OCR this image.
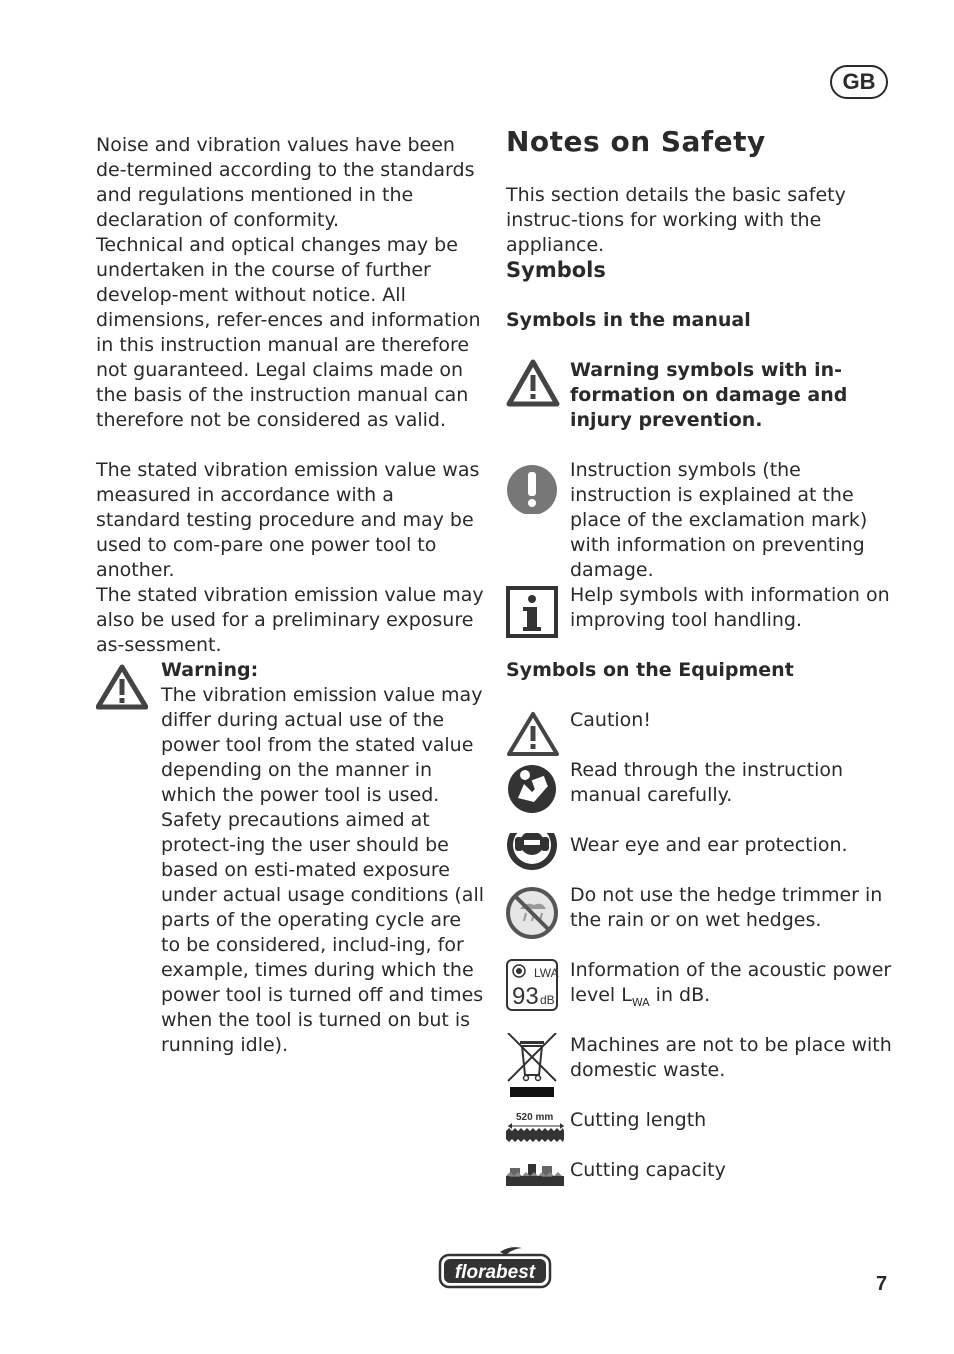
GB

Noise and vibration values have been de-termined according to the standards and regulations mentioned in the declaration of conformity.

Technical and optical changes may be undertaken in the course of further develop-ment without notice. All dimensions, refer-ences and information in this instruction manual are therefore not guaranteed. Legal claims made on the basis of the instruction manual can therefore not be considered as valid.

The stated vibration emission value was measured in accordance with a standard testing procedure and may be used to com-pare one power tool to another.

The stated vibration emission value may also be used for a preliminary exposure as-sessment.

Warning:

The vibration emission value may differ during actual use of the power tool from the stated value depending on the manner in which the power tool is used.

Safety precautions aimed at protect-ing the user should be based on esti-mated exposure under actual usage conditions (all parts of the operating cycle are to be considered, includ-ing, for example, times during which the power tool is turned off and times when the tool is turned on but is running idle).

Notes on Safety

This section details the basic safety instruc-tions for working with the appliance.

Symbols
Symbols in the manual

Warning symbols with in-formation on damage and injury prevention.

Instruction symbols (the instruction is explained at the place of the exclamation mark) with information on preventing damage.

Help symbols with information on improving tool handling.

Symbols on the Equipment

Caution!

Read through the instruction manual carefully.

Wear eye and ear protection.

Do not use the hedge trimmer in the rain or on wet hedges.

LWA
93 dB

Information of the acoustic power level $L_{WA}$ in dB.

Machines are not to be place with domestic waste.

520 mm Cutting length

Cutting capacity

florabest
7
